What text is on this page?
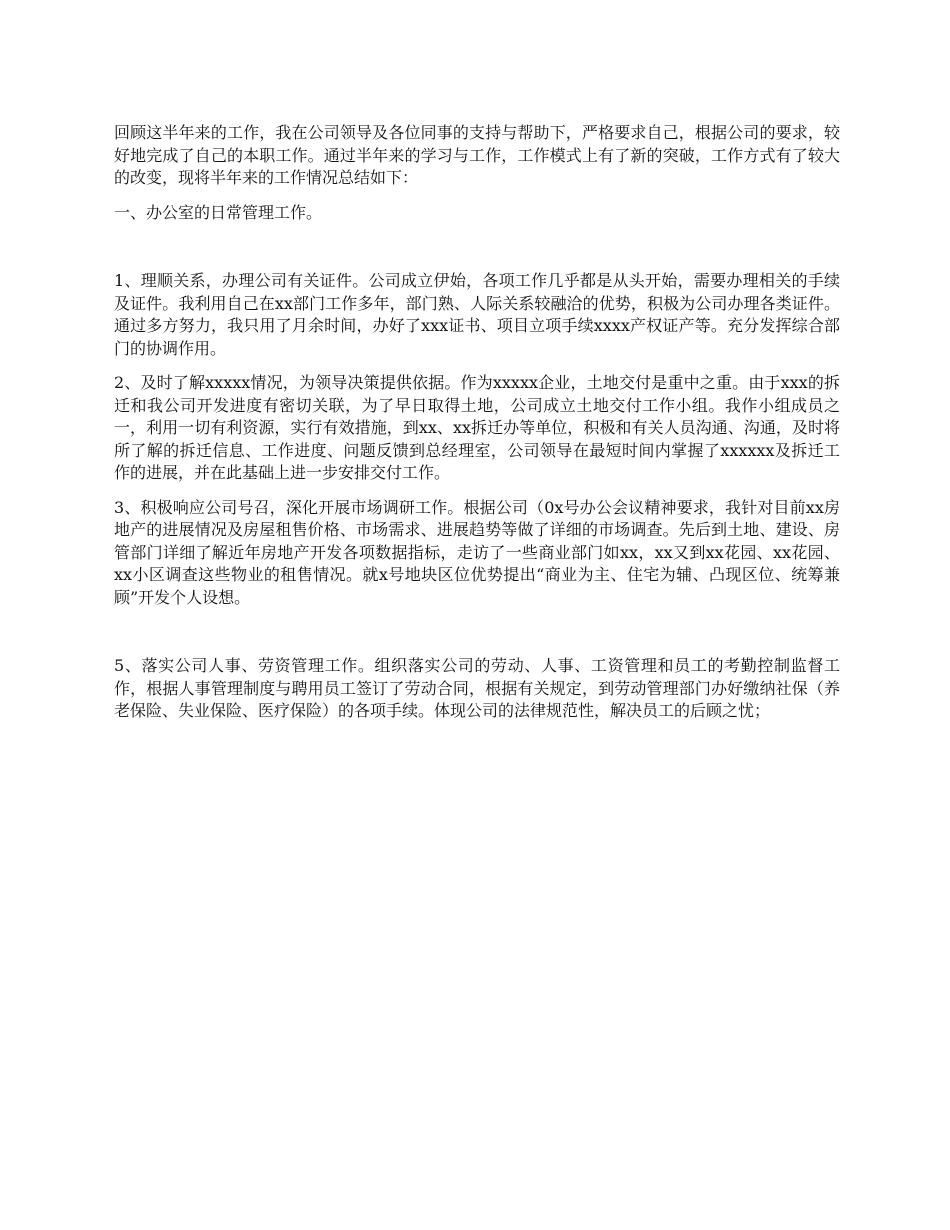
回顾这半年来的工作，我在公司领导及各位同事的支持与帮助下，严格要求自己，根据公司的要求，较好地完成了自己的本职工作。通过半年来的学习与工作，工作模式上有了新的突破，工作方式有了较大的改变，现将半年来的工作情况总结如下：

一、办公室的日常管理工作。

1、理顺关系，办理公司有关证件。公司成立伊始，各项工作几乎都是从头开始，需要办理相关的手续及证件。我利用自己在xx部门工作多年，部门熟、人际关系较融洽的优势，积极为公司办理各类证件。通过多方努力，我只用了月余时间，办好了xxx证书、项目立项手续xxxx产权证产等。充分发挥综合部门的协调作用。

2、及时了解xxxxx情况，为领导决策提供依据。作为xxxxx企业，土地交付是重中之重。由于xxx的拆迁和我公司开发进度有密切关联，为了早日取得土地，公司成立土地交付工作小组。我作小组成员之一，利用一切有利资源，实行有效措施，到xx、xx拆迁办等单位，积极和有关人员沟通、沟通，及时将所了解的拆迁信息、工作进度、问题反馈到总经理室，公司领导在最短时间内掌握了xxxxxx及拆迁工作的进展，并在此基础上进一步安排交付工作。

3、积极响应公司号召，深化开展市场调研工作。根据公司（0x号办公会议精神要求，我针对目前xx房地产的进展情况及房屋租售价格、市场需求、进展趋势等做了详细的市场调查。先后到土地、建设、房管部门详细了解近年房地产开发各项数据指标，走访了一些商业部门如xx，xx又到xx花园、xx花园、xx小区调查这些物业的租售情况。就x号地块区位优势提出“商业为主、住宅为辅、凸现区位、统筹兼顾”开发个人设想。

5、落实公司人事、劳资管理工作。组织落实公司的劳动、人事、工资管理和员工的考勤控制监督工作，根据人事管理制度与聘用员工签订了劳动合同，根据有关规定，到劳动管理部门办好缴纳社保（养老保险、失业保险、医疗保险）的各项手续。体现公司的法律规范性，解决员工的后顾之忧；
